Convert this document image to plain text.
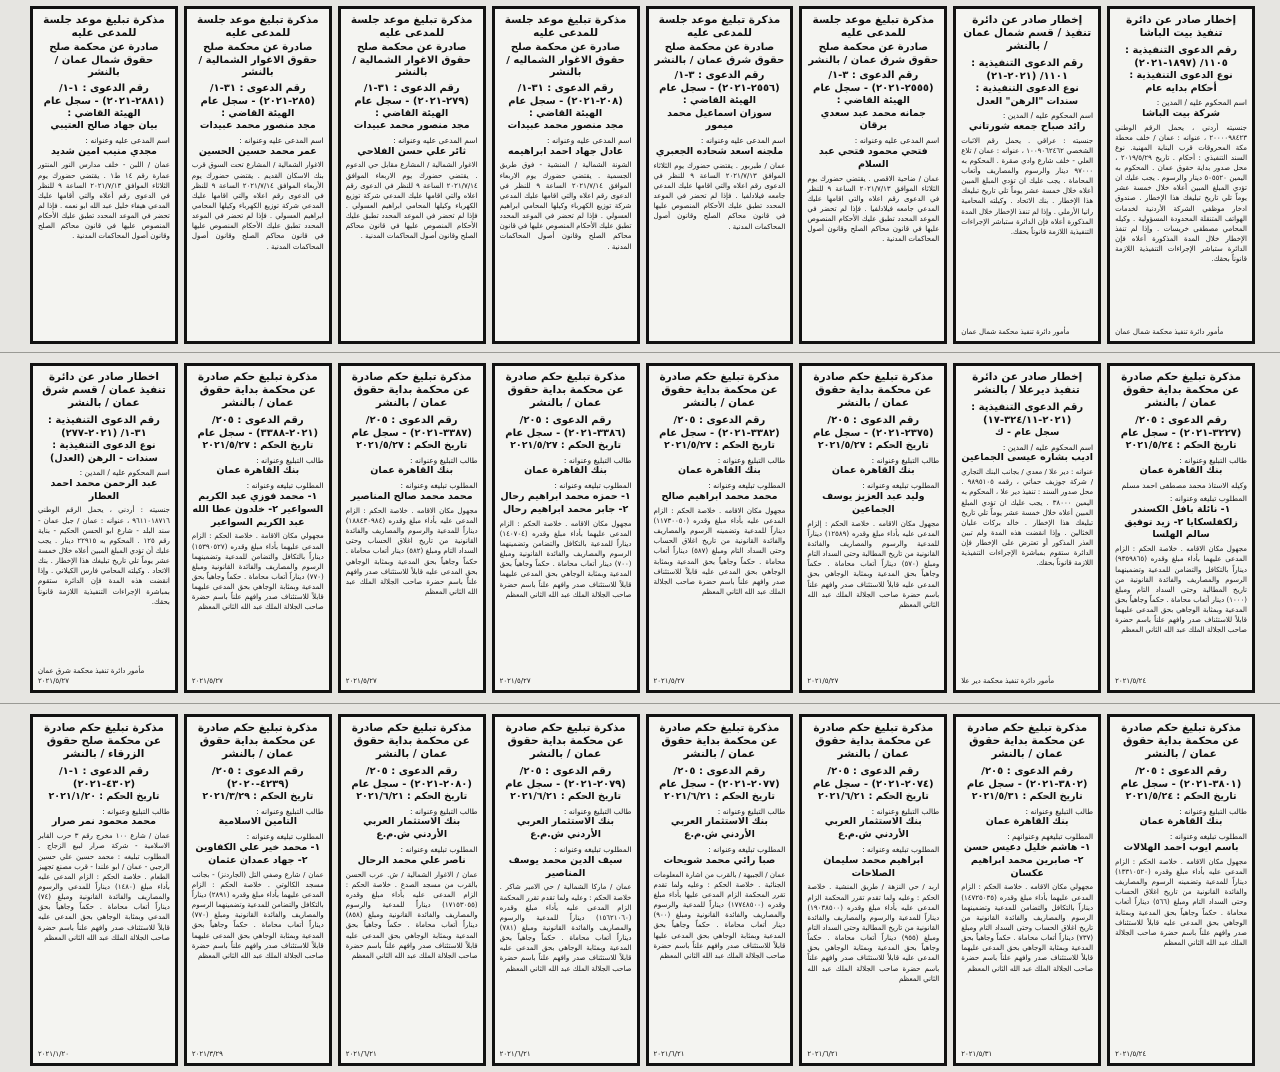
إخطار صادر عن دائرة تنفيذ بيت الباشا
رقم الدعوى التنفيذية : ١١٠٥/ (١٨٩٧-٢٠٢١)
نوع الدعوى التنفيذية : أحكام بدايه عام
اسم المحكوم عليه / المدين :
شركة بيت الباشا
جنسيته أردني ، يحمل الرقم الوطني ٢٠٠٠٠٩٨٤٢٣ ، عنوانه : عمان / خلف محطة مكة المحروقات قرب البناية المهنية. نوع السند التنفيذي : أحكام . تاريخ ٢٠١٩/٥/٢٩ ، محل صدور بداية حقوق عمان . المحكوم به اليمين ٥٠٥٥٢٠ دينار والرسوم . يجب عليك ان تؤدي المبلغ المبين أعلاه خلال خمسة عشر يوماً تلي تاريخ تبليغك هذا الإخطار . صندوق ادخار موظفي الشركة الأردنية لخدمات الهواتف المتنقلة المحدودة المسؤولية . وكيله المحامي مصطفى خريسات . وإذا لم تنفذ الإخطار خلال المدة المذكورة أعلاه فإن الدائرة ستباشر الإجراءات التنفيذية اللازمة قانوناً بحقك.
مأمور دائرة تنفيذ محكمة شمال عمان
إخطار صادر عن دائرة تنفيذ / قسم شمال عمان / بالنشر
رقم الدعوى التنفيذية : ١١٠١/ (٢٠٢١-٢١)
نوع الدعوى التنفيذية : سندات "الرهن" العدل
اسم المحكوم عليه / المدين :
رائد صباح جمعه شورتاني
جنسيته : عراقي . يحمل رقم الاثبات الشخصي ١٠٠٩٠٦٢٤٦٢ ، عنوانه : عمان / تلاع العلي - خلف شارع وادي صقرة . المحكوم به ٩٧٠٠٠ دينار والرسوم والمصاريف وأتعاب المحاماة . يجب عليك ان تؤدي المبلغ المبين أعلاه خلال خمسة عشر يوماً تلي تاريخ تبليغك هذا الإخطار . بنك الاتحاد . وكيلته المحامية رانيا الأرملي . وإذا لم تنفذ الإخطار خلال المدة المذكورة أعلاه فإن الدائرة ستباشر الإجراءات التنفيذية اللازمة قانوناً بحقك.
مأمور دائرة تنفيذ محكمة شمال عمان
مذكرة تبليغ موعد جلسة للمدعى عليه
صادرة عن محكمة صلح حقوق شرق عمان / بالنشر
رقم الدعوى : ٣-١/ (٢٥٥٥-٢٠٢١) - سجل عام
الهيئة القاضي :
جمانه محمد عبد سعدي برقان
اسم المدعى عليه وعنوانه :
فتحي محمود فتحي عبد السلام
عمان / ضاحية الاقصى . يقتضي حضورك يوم الثلاثاء الموافق ٢٠٢١/٧/١٣ الساعة ٩ للنظر في الدعوى رقم اعلاه والتي اقامها عليك المدعي جامعه فيلادلفيا . فإذا لم تحضر في الموعد المحدد تطبق عليك الأحكام المنصوص عليها في قانون محاكم الصلح وقانون أصول المحاكمات المدنية .
مذكرة تبليغ موعد جلسة للمدعى عليه
صادرة عن محكمة صلح حقوق شرق عمان / بالنشر
رقم الدعوى : ٣-١/ (٢٥٥٦-٢٠٢١) - سجل عام
الهيئة القاضي :
سوزان اسماعيل محمد ميمور
اسم المدعى عليه وعنوانه :
ملجنه اسعد شحاده الجعبري
عمان / طبربور . يقتضي حضورك يوم الثلاثاء الموافق ٢٠٢١/٧/١٣ الساعة ٩ للنظر في الدعوى رقم اعلاه والتي اقامها عليك المدعي جامعه فيلادلفيا . فإذا لم تحضر في الموعد المحدد تطبق عليك الأحكام المنصوص عليها في قانون محاكم الصلح وقانون أصول المحاكمات المدنية .
مذكرة تبليغ موعد جلسة للمدعى عليه
صادرة عن محكمة صلح حقوق الاغوار الشماليه / بالنشر
رقم الدعوى : ٣١-١/ (٢٠٨-٢٠٢١) - سجل عام
الهيئة القاضي :
مجد منصور محمد عبيدات
اسم المدعى عليه وعنوانه :
عادل جهاد احمد ابراهيمه
الشونة الشمالية / المنشية - فوق طريق الجسمية . يقتضي حضورك يوم الاربعاء الموافق ٢٠٢١/٧/١٤ الساعة ٩ للنظر في الدعوى رقم اعلاه والتي اقامها عليك المدعي شركة توزيع الكهرباء وكيلها المحامي ابراهيم العسولي . فإذا لم تحضر في الموعد المحدد تطبق عليك الأحكام المنصوص عليها في قانون محاكم الصلح وقانون أصول المحاكمات المدنية .
مذكرة تبليغ موعد جلسة للمدعى عليه
صادرة عن محكمة صلح حقوق الاغوار الشمالية / بالنشر
رقم الدعوى : ٣١-١/ (٢٧٩-٢٠٢١) - سجل عام
الهيئة القاضي :
مجد منصور محمد عبيدات
اسم المدعى عليه وعنوانه :
ثائر علي حسن الفلاحي
الاغوار الشمالية / المشارع مقابل حي الدعوم . يقتضي حضورك يوم الاربعاء الموافق ٢٠٢١/٧/١٤ الساعة ٩ للنظر في الدعوى رقم اعلاه والتي اقامها عليك المدعي شركة توزيع الكهرباء وكيلها المحامي ابراهيم العسولي . فإذا لم تحضر في الموعد المحدد تطبق عليك الأحكام المنصوص عليها في قانون محاكم الصلح وقانون أصول المحاكمات المدنية .
مذكرة تبليغ موعد جلسة للمدعى عليه
صادرة عن محكمة صلح حقوق الاغوار الشمالية / بالنشر
رقم الدعوى : ٣١-١/ (٢٨٥-٢٠٢١) - سجل عام
الهيئة القاضي :
مجد منصور محمد عبيدات
اسم المدعى عليه وعنوانه :
عمر محمد حسين الحسين
الاغوار الشمالية / المشارع تحت السوق قرب بنك الاسكان القديم . يقتضي حضورك يوم الأربعاء الموافق ٢٠٢١/٧/١٤ الساعة ٩ للنظر في الدعوى رقم اعلاه والتي اقامها عليك المدعي شركة توزيع الكهرباء وكيلها المحامي ابراهيم العسولي . فإذا لم تحضر في الموعد المحدد تطبق عليك الأحكام المنصوص عليها في قانون محاكم الصلح وقانون أصول المحاكمات المدنية .
مذكرة تبليغ موعد جلسة للمدعى عليه
صادرة عن محكمة صلح حقوق شمال عمان / بالنشر
رقم الدعوى : ١-١/ (٢٨٨١-٢٠٢١) - سجل عام
الهيئة القاضي :
بيان جهاد صالح العتيبي
اسم المدعى عليه وعنوانه :
مجدي منيب امين شديد
عمان / اللبن - خلف مدارس النور المنتور عمارة رقم ١٤ ط١ . يقتضي حضورك يوم الثلاثاء الموافق ٢٠٢١/٧/١٣ الساعة ٩ للنظر في الدعوى رقم أعلاه والتي أقامها عليك المدعي هيفاء خليل عبد الله ابو نعمه . فإذا لم تحضر في الموعد المحدد تطبق عليك الأحكام المنصوص عليها في قانون محاكم الصلح وقانون أصول المحاكمات المدنية .
مذكرة تبليغ حكم صادرة عن محكمة بداية حقوق عمان / بالنشر
رقم الدعوى : ٢٠٥/ (٣٢٢٧-٢٠٢١) - سجل عام
تاريخ الحكم : ٢٠٢١/٥/٢٤
طالب التبليغ وعنوانه :
بنك القاهرة عمان
وكيله الاستاذ محمد مصطفى احمد مسلم
المطلوب تبليغه وعنوانه :
١- نائلة بافل الكسندر زلكفلسكايا ٢- زيد توفيق سالم الهلسا
مجهول مكان الاقامه . خلاصة الحكم : الزام المدعى عليهما بأداء مبلغ وقدره (٩٣٥٩٨٦٥) ديناراً بالتكافل والتضامن للمدعية وتضمينهما الرسوم والمصاريف والفائدة القانونية من تاريخ المطالبة وحتى السداد التام ومبلغ (١٠٠٠) دينار أتعاب محاماة . حكماً وجاهياً بحق المدعية وبمثابة الوجاهي بحق المدعى عليهما قابلاً للاستئناف صدر وافهم علناً باسم حضرة صاحب الجلالة الملك عبد الله الثاني المعظم
٢٠٢١/٥/٢٤
إخطار صادر عن دائرة تنفيذ ديرعلا / بالنشر
رقم الدعوى التنفيذية : (٢٠٢١-٣٢٤/١١-١٧)
سجل عام - ك
اسم المحكوم عليه / المدين :
اديب بشاره عيسى الجماعين
عنوانه : دير علا / معدي / بجانب البنك التجاري / شركة جوزيف حماتي ، رقمه ٩٨٩٥١٠٥ . محل صدور السند : تنفيذ دير علا ، المحكوم به اليمين ٣٨٠٠٠ . يجب عليك ان تؤدي المبلغ المبين أعلاه خلال خمسة عشر يوماً تلي تاريخ تبليغك هذا الإخطار . خالد بركات عليان الخثالين . وإذا انقضت هذه المدة ولم تبين العذر المذكور أو تعترض على الإخطار فإن الدائرة ستقوم بمباشرة الإجراءات التنفيذية اللازمة قانوناً بحقك.
مأمور دائرة تنفيذ محكمة دير علا
مذكرة تبليغ حكم صادرة عن محكمة بداية حقوق عمان / بالنشر
رقم الدعوى : ٢٠٥/ (٢٣٧٥-٢٠٢١) - سجل عام
تاريخ الحكم : ٢٠٢١/٥/٢٧
طالب التبليغ وعنوانه :
بنك القاهرة عمان
المطلوب تبليغه وعنوانه :
وليد عبد العزيز يوسف الجماعين
مجهول مكان الاقامه . خلاصة الحكم : إلزام المدعى عليه بأداء مبلغ وقدره (١٢٥٨٩) ديناراً للمدعية والرسوم والمصاريف والفائدة القانونية من تاريخ المطالبة وحتى السداد التام ومبلغ (٥٧٠) ديناراً أتعاب محاماة . حكماً وجاهياً بحق المدعية وبمثابة الوجاهي بحق المدعى عليه قابلاً للاستئناف صدر وافهم علناً باسم حضرة صاحب الجلالة الملك عبد الله الثاني المعظم
٢٠٢١/٥/٢٧
مذكرة تبليغ حكم صادرة عن محكمة بداية حقوق عمان / بالنشر
رقم الدعوى : ٢٠٥/ (٣٣٨٢-٢٠٢١) - سجل عام
تاريخ الحكم : ٢٠٢١/٥/٢٧
طالب التبليغ وعنوانه :
بنك القاهرة عمان
المطلوب تبليغه وعنوانه :
محمد محمد ابراهيم صالح
مجهول مكان الاقامه . خلاصة الحكم : الزام المدعى عليه بأداء مبلغ وقدره (١١٧٣٠٠٥٠) ديناراً للمدعية وتضمينه الرسوم والمصاريف والفائدة القانونية من تاريخ اغلاق الحساب وحتى السداد التام ومبلغ (٥٨٧) ديناراً أتعاب محاماة . حكماً وجاهياً بحق المدعية وبمثابة الوجاهي بحق المدعى عليه قابلاً للاستئناف صدر وافهم علناً باسم حضرة صاحب الجلالة الملك عبد الله الثاني المعظم
٢٠٢١/٥/٢٧
مذكرة تبليغ حكم صادرة عن محكمة بداية حقوق عمان / بالنشر
رقم الدعوى : ٢٠٥/ (٣٣٨٦-٢٠٢١) - سجل عام
تاريخ الحكم : ٢٠٢١/٥/٢٧
طالب التبليغ وعنوانه :
بنك القاهرة عمان
المطلوب تبليغه وعنوانه :
١- حمزه محمد ابراهيم رحال ٢- جابر محمد ابراهيم رحال
مجهول مكان الاقامه . خلاصة الحكم : الزام المدعى عليهما بأداء مبلغ وقدره (١٤٠٧٠٤) ديناراً للمدعية بالتكافل والتضامن وتضمينهما الرسوم والمصاريف والفائدة القانونية ومبلغ (٧٠٠) دينار أتعاب محاماة . حكماً وجاهياً بحق المدعية وبمثابة الوجاهي بحق المدعى عليهما قابلاً للاستئناف صدر وافهم علناً باسم حضرة صاحب الجلالة الملك عبد الله الثاني المعظم
٢٠٢١/٥/٢٧
مذكرة تبليغ حكم صادرة عن محكمة بداية حقوق عمان / بالنشر
رقم الدعوى : ٢٠٥/ (٣٣٨٧-٢٠٢١) - سجل عام
تاريخ الحكم : ٢٠٢١/٥/٢٧
طالب التبليغ وعنوانه :
بنك القاهرة عمان
المطلوب تبليغه وعنوانه :
محمد محمد صالح المناصير
مجهول مكان الاقامه . خلاصة الحكم : الزام المدعى عليه بأداء مبلغ وقدره (١٨٨٤٣٠٩٨٤) ديناراً للمدعية والرسوم والمصاريف والفائدة القانونية من تاريخ اغلاق الحساب وحتى السداد التام ومبلغ (٥٨٢) دينار أتعاب محاماة . حكماً وجاهياً بحق المدعية وبمثابة الوجاهي بحق المدعى عليه قابلاً للاستئناف صدر وافهم علناً باسم حضرة صاحب الجلالة الملك عبد الله الثاني المعظم
٢٠٢١/٥/٢٧
مذكرة تبليغ حكم صادرة عن محكمة بداية حقوق عمان / بالنشر
رقم الدعوى : ٢٠٥/ (٢٠٢١-٣٣٨٨) - سجل عام
تاريخ الحكم : ٢٠٢١/٥/٢٧
طالب التبليغ وعنوانه :
بنك القاهرة عمان
المطلوب تبليغه وعنوانه :
١- محمد فوزي عبد الكريم السواعير ٢- خلدون عطا الله عبد الكريم السواعير
مجهولي مكان الاقامة . خلاصة الحكم : الزام المدعى عليهما بأداء مبلغ وقدره (١٥٣٩٠٥٢٧) ديناراً بالتكافل والتضامن للمدعية وتضمينهما الرسوم والمصاريف والفائدة القانونية ومبلغ (٧٧٠) ديناراً أتعاب محاماة . حكماً وجاهياً بحق المدعية وبمثابة الوجاهي بحق المدعى عليهما قابلاً للاستئناف صدر وافهم علناً باسم حضرة صاحب الجلالة الملك عبد الله الثاني المعظم
٢٠٢١/٥/٢٧
اخطار صادر عن دائرة تنفيذ عمان / قسم شرق عمان / بالنشر
رقم الدعوى التنفيذية : ٣١-١/ (٢٠٢١-٢٧٧)
نوع الدعوى التنفيذية : سندات - الرهن (العدل)
اسم المحكوم عليه / المدين :
عبد الرحمن محمد احمد العطار
جنسيته : أردني ، يحمل الرقم الوطني ٩٦١١٠١٨٧١٦ ، عنوانه : عمان / جبل عمان - سند البلد - شارع ابو الحسن الحكيم - بناية رقم ١٢٥ . المحكوم به ٢٢٩١٥ دينار . يجب عليك أن تؤدي المبلغ المبين أعلاه خلال خمسة عشر يوماً تلي تاريخ تبليغك هذا الإخطار . بنك الاتحاد . وكيلته المحامي فارس الكيلاني . وإذا انقضت هذه المدة فإن الدائرة ستقوم بمباشرة الإجراءات التنفيذية اللازمة قانوناً بحقك.
مأمور دائرة تنفيذ محكمة شرق عمان ٢٠٢١/٥/٢٧
مذكرة تبليغ حكم صادرة عن محكمة بداية حقوق عمان / بالنشر
رقم الدعوى : ٢٠٥/ (٣٨٠١-٢٠٢١) - سجل عام
تاريخ الحكم : ٢٠٢١/٥/٢٤
طالب التبليغ وعنوانه :
بنك القاهرة عمان
المطلوب تبليغه وعنوانه :
باسم ايوب احمد الهلالات
مجهول مكان الاقامه . خلاصة الحكم : الزام المدعى عليه بأداء مبلغ وقدره (١٣٣١٠٥٢٠) ديناراً للمدعية وتضمينه الرسوم والمصاريف والفائدة القانونية من تاريخ اغلاق الحساب وحتى السداد التام ومبلغ (٥٦٦) ديناراً أتعاب محاماة . حكماً وجاهياً بحق المدعية وبمثابة الوجاهي بحق المدعى عليه قابلاً للاستئناف صدر وافهم علناً باسم حضرة صاحب الجلالة الملك عبد الله الثاني المعظم
٢٠٢١/٥/٢٤
مذكرة تبليغ حكم صادرة عن محكمة بداية حقوق عمان / بالنشر
رقم الدعوى : ٢٠٥/ (٣٨٠٢-٢٠٢١) - سجل عام
تاريخ الحكم : ٢٠٢١/٥/٣١
طالب التبليغ وعنوانه :
بنك القاهرة عمان
المطلوب تبليغهم وعنوانهم :
١- هاشم خليل دعيس حسن ٢- صابرين محمد ابراهيم عكسان
مجهولي مكان الاقامه . خلاصة الحكم : الزام المدعى عليهما بأداء مبلغ وقدره (١٤٧٢٥٠٣٥) ديناراً بالتكافل والتضامن للمدعية وتضمينهما الرسوم والمصاريف والفائدة القانونية من تاريخ اغلاق الحساب وحتى السداد التام ومبلغ (٧٣٧) ديناراً أتعاب محاماة . حكماً وجاهياً بحق المدعية وبمثابة الوجاهي بحق المدعى عليهما قابلاً للاستئناف صدر وافهم علناً باسم حضرة صاحب الجلالة الملك عبد الله الثاني المعظم
٢٠٢١/٥/٣١
مذكرة تبليغ حكم صادرة عن محكمة بداية حقوق عمان / بالنشر
رقم الدعوى : ٢٠٥/ (٢٠٧٤-٢٠٢١) - سجل عام
تاريخ الحكم : ٢٠٢١/٦/٢١
طالب التبليغ وعنوانه :
بنك الاستثمار العربي الأردني ش.م.ع
المطلوب تبليغه وعنوانه :
ابراهيم محمد سليمان الصلاحات
اربد / حي النزهة / طريق المنشية . خلاصة الحكم : وعليه ولما تقدم تقرر المحكمة الزام المدعى عليه بأداء مبلغ وقدره (١٩٠٣٨٥٠٠) ديناراً للمدعية والرسوم والمصاريف والفائدة القانونية من تاريخ المطالبة وحتى السداد التام ومبلغ (٩٥٥) ديناراً أتعاب محاماة . حكماً وجاهياً بحق المدعية وبمثابة الوجاهي بحق المدعى عليه قابلاً للاستئناف صدر وافهم علناً باسم حضرة صاحب الجلالة الملك عبد الله الثاني المعظم
٢٠٢١/٦/٢١
مذكرة تبليغ حكم صادرة عن محكمة بداية حقوق عمان / بالنشر
رقم الدعوى : ٢٠٥/ (٢٠٧٧-٢٠٢١) - سجل عام
تاريخ الحكم : ٢٠٢١/٦/٢١
طالب التبليغ وعنوانه :
بنك الاستثمار العربي الأردني ش.م.ع
المطلوب تبليغه وعنوانه :
صبا رائي محمد شويحات
عمان / الجبيهة / بالقرب من اشارة المعلومات الجنائية . خلاصة الحكم : وعليه ولما تقدم تقرر المحكمة الزام المدعى عليها بأداء مبلغ وقدره (١٧٧٤٨٥٠٠) ديناراً للمدعية والرسوم والمصاريف والفائدة القانونية ومبلغ (٩٠٠) دينار أتعاب محاماة . حكماً وجاهياً بحق المدعية وبمثابة الوجاهي بحق المدعى عليها قابلاً للاستئناف صدر وافهم علناً باسم حضرة صاحب الجلالة الملك عبد الله الثاني المعظم
٢٠٢١/٦/٢١
مذكرة تبليغ حكم صادرة عن محكمة بداية حقوق عمان / بالنشر
رقم الدعوى : ٢٠٥/ (٢٠٧٩-٢٠٢١) - سجل عام
تاريخ الحكم : ٢٠٢١/٦/٢١
طالب التبليغ وعنوانه :
بنك الاستثمار العربي الأردني ش.م.ع
المطلوب تبليغه وعنوانه :
سيف الدين محمد يوسف المناصير
عمان / ماركا الشمالية / حي الامير شاكر . خلاصة الحكم : وعليه ولما تقدم تقرر المحكمة الزام المدعى عليه بأداء مبلغ وقدره (١٥٦٢١٠٦٠) ديناراً للمدعية والرسوم والمصاريف والفائدة القانونية ومبلغ (٧٨١) ديناراً أتعاب محاماة . حكماً وجاهياً بحق المدعية وبمثابة الوجاهي بحق المدعى عليه قابلاً للاستئناف صدر وافهم علناً باسم حضرة صاحب الجلالة الملك عبد الله الثاني المعظم
٢٠٢١/٦/٢١
مذكرة تبليغ حكم صادرة عن محكمة بداية حقوق عمان / بالنشر
رقم الدعوى : ٢٠٥/ (٢٠٨٠-٢٠٢١) - سجل عام
تاريخ الحكم : ٢٠٢١/٦/٢١
طالب التبليغ وعنوانه :
بنك الاستثمار العربي الأردني ش.م.ع
المطلوب تبليغه وعنوانه :
ناصر علي محمد الرحال
عمان / الاغوار الشمالية / ش. عرب الحسن بالقرب من مسجد الصدع . خلاصة الحكم : الزام المدعى عليه بأداء مبلغ وقدره (١٧١٥٣٠٥٥) ديناراً للمدعية والرسوم والمصاريف والفائدة القانونية ومبلغ (٨٥٨) ديناراً أتعاب محاماة . حكماً وجاهياً بحق المدعية وبمثابة الوجاهي بحق المدعى عليه قابلاً للاستئناف صدر وافهم علناً باسم حضرة صاحب الجلالة الملك عبد الله الثاني المعظم
٢٠٢١/٦/٢١
مذكرة تبليغ حكم صادرة عن محكمة بداية حقوق عمان / بالنشر
رقم الدعوى : ٢٠٥/ (٤٢٣٩-٢٠٢٠)
تاريخ الحكم : ٢٠٢١/٣/٢٩
طالب التبليغ وعنوانه :
التامين الاسلامية
المطلوب تبليغه وعنوانه :
١- محمد خير علي الكفاوين ٢- جهاد عمدان عثمان
عمان / شارع وصفي التل (الجاردنز) - بجانب مسجد الكالوتي . خلاصة الحكم : الزام المدعى عليهما بأداء مبلغ وقدره (٢٨٩١) ديناراً بالتكافل والتضامن للمدعية وتضمينهما الرسوم والمصاريف والفائدة القانونية ومبلغ (٧٧٠) ديناراً أتعاب محاماة . حكماً وجاهياً بحق المدعية وبمثابة الوجاهي بحق المدعى عليهما قابلاً للاستئناف صدر وافهم علناً باسم حضرة صاحب الجلالة الملك عبد الله الثاني المعظم
٢٠٢١/٣/٢٩
مذكرة تبليغ حكم صادرة عن محكمة صلح حقوق الزرقاء / بالنشر
رقم الدعوى : ١-١/ (٤٣٠٢-٢٠٢١)
تاريخ الحكم : ٢٠٢١/١/٢٠
طالب التبليغ وعنوانه :
محمد محمود نمر صرار
عمان / شارع ١٠٠ مخرج رقم ٣ حرب القابر الاسلامية - شركة صرار لبيع الزجاج . المطلوب تبليغه : محمد حسين علي حسين الرجبي - عمان / ابو علندا - قرب مصنع تجهيز الطعام . خلاصة الحكم : الزام المدعى عليه بأداء مبلغ (١٤٨٠) ديناراً للمدعي والرسوم والمصاريف والفائدة القانونية ومبلغ (٧٤) ديناراً أتعاب محاماة . حكماً وجاهياً بحق المدعي وبمثابة الوجاهي بحق المدعى عليه قابلاً للاستئناف صدر وافهم علناً باسم حضرة صاحب الجلالة الملك عبد الله الثاني المعظم
٢٠٢١/١/٢٠
